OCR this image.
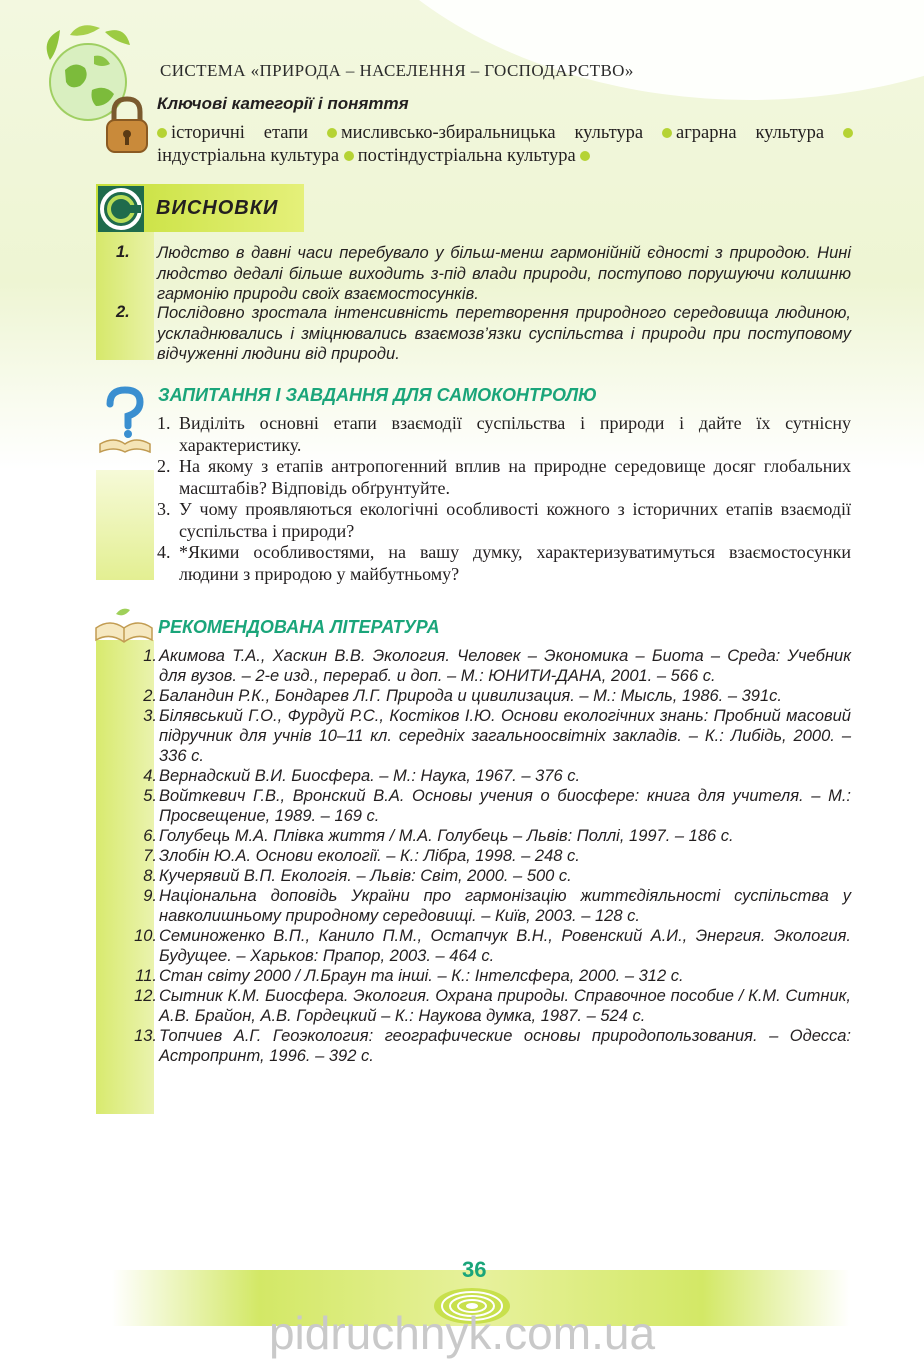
СИСТЕМА «ПРИРОДА – НАСЕЛЕННЯ – ГОСПОДАРСТВО»
Ключові категорії і поняття
історичні етапи мисливсько-збиральницька культура аграрна культура індустріальна культура постіндустріальна культура
ВИСНОВКИ
1. Людство в давні часи перебувало у більш-менш гармонійній єдності з природою. Нині людство дедалі більше виходить з-під влади природи, поступово порушуючи колишню гармонію природи своїх взаємостосунків.
2. Послідовно зростала інтенсивність перетворення природного середовища людиною, ускладнювались і зміцнювались взаємозв’язки суспільства і природи при поступовому відчуженні людини від природи.
ЗАПИТАННЯ І ЗАВДАННЯ ДЛЯ САМОКОНТРОЛЮ
1. Виділіть основні етапи взаємодії суспільства і природи і дайте їх сутнісну характеристику.
2. На якому з етапів антропогенний вплив на природне середовище досяг глобальних масштабів? Відповідь обґрунтуйте.
3. У чому проявляються екологічні особливості кожного з історичних етапів взаємодії суспільства і природи?
4. *Якими особливостями, на вашу думку, характеризуватимуться взаємостосунки людини з природою у майбутньому?
РЕКОМЕНДОВАНА ЛІТЕРАТУРА
1. Акимова Т.А., Хаскин В.В. Экология. Человек – Экономика – Биота – Среда: Учебник для вузов. – 2-е изд., перераб. и доп. – М.: ЮНИТИ-ДАНА, 2001. – 566 с.
2. Баландин Р.К., Бондарев Л.Г. Природа и цивилизация. – М.: Мысль, 1986. – 391с.
3. Білявський Г.О., Фурдуй Р.С., Костіков І.Ю. Основи екологічних знань: Пробний масовий підручник для учнів 10–11 кл. середніх загальноосвітніх закладів. – К.: Либідь, 2000. – 336 с.
4. Вернадский В.И. Биосфера. – М.: Наука, 1967. – 376 с.
5. Войткевич Г.В., Вронский В.А. Основы учения о биосфере: книга для учителя. – М.: Просвещение, 1989. – 169 с.
6. Голубець М.А. Плівка життя / М.А. Голубець – Львів: Поллі, 1997. – 186 с.
7. Злобін Ю.А. Основи екології. – К.: Лібра, 1998. – 248 с.
8. Кучерявий В.П. Екологія. – Львів: Світ, 2000. – 500 с.
9. Національна доповідь України про гармонізацію життєдіяльності суспільства у навколишньому природному середовищі. – Київ, 2003. – 128 с.
10. Семиноженко В.П., Канило П.М., Остапчук В.Н., Ровенский А.И., Энергия. Экология. Будущее. – Харьков: Прапор, 2003. – 464 с.
11. Стан світу 2000 / Л.Браун та інші. – К.: Інтелсфера, 2000. – 312 с.
12. Сытник К.М. Биосфера. Экология. Охрана природы. Справочное пособие / К.М. Ситник, А.В. Брайон, А.В. Гордецкий – К.: Наукова думка, 1987. – 524 с.
13. Топчиев А.Г. Геоэкология: географические основы природопользования. – Одесса: Астропринт, 1996. – 392 с.
36
pidruchnyk.com.ua
